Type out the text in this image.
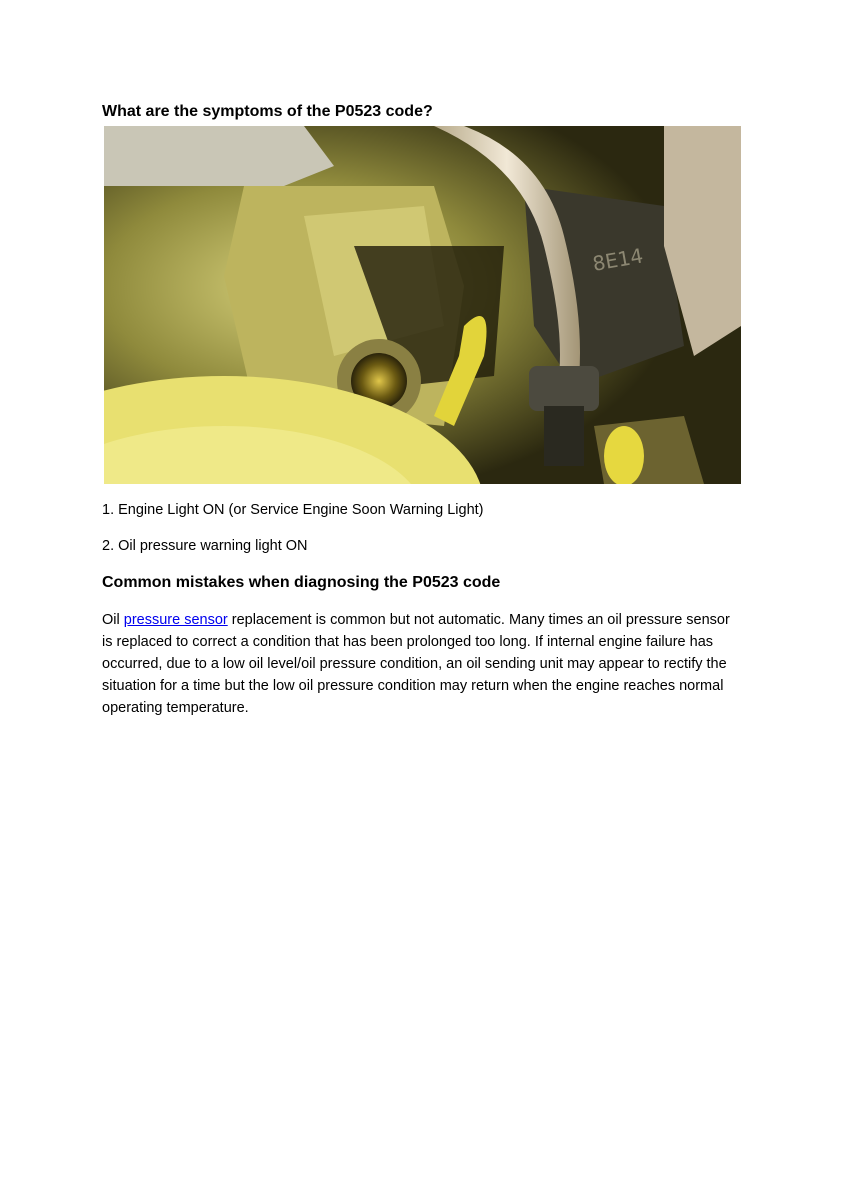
What are the symptoms of the P0523 code?
8E14

1. Engine Light ON (or Service Engine Soon Warning Light)

2. Oil pressure warning light ON

Common mistakes when diagnosing the P0523 code

Oil pressure sensor replacement is common but not automatic. Many times an oil pressure sensor is replaced to correct a condition that has been prolonged too long. If internal engine failure has occurred, due to a low oil level/oil pressure condition, an oil sending unit may appear to rectify the situation for a time but the low oil pressure condition may return when the engine reaches normal operating temperature.
